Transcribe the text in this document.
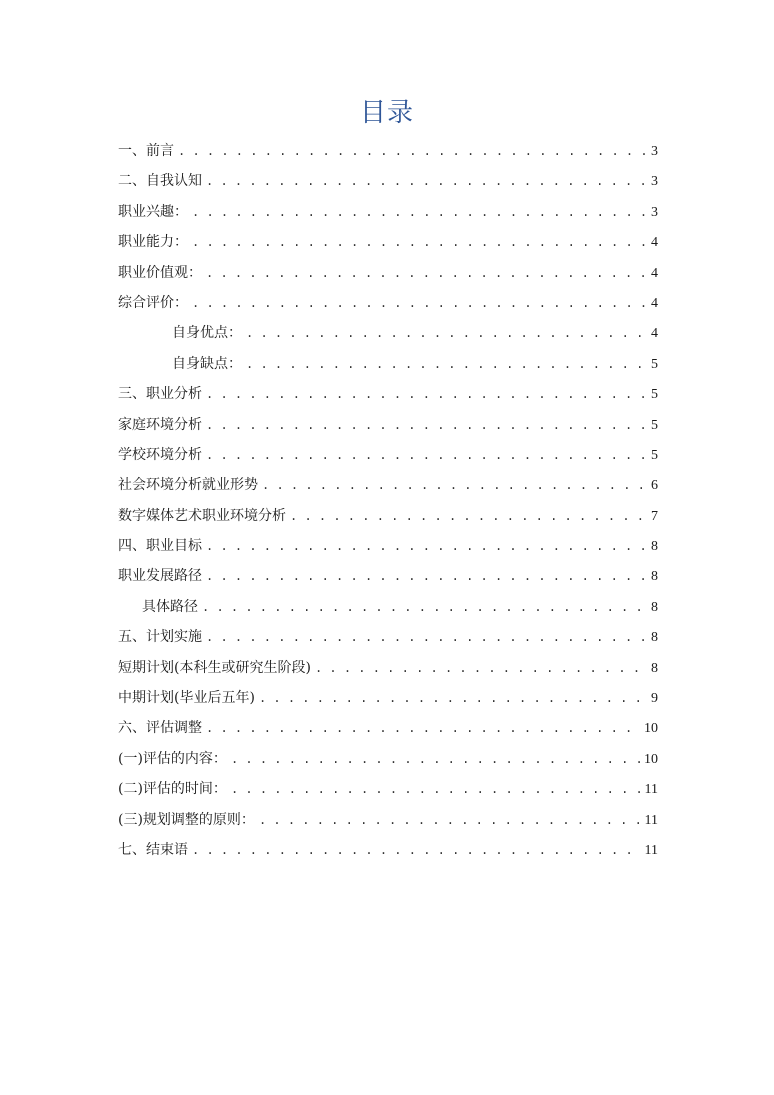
目录
一、前言 . . .	3
二、自我认知 . . .	3
职业兴趣： . . .	3
职业能力： . . .	4
职业价值观： . . .	4
综合评价： . . .	4
自身优点： . . .	4
自身缺点： . . .	5
三、职业分析 . . .	5
家庭环境分析 . . .	5
学校环境分析 . . .	5
社会环境分析就业形势 . . .	6
数字媒体艺术职业环境分析 . . .	7
四、职业目标 . . .	8
职业发展路径 . . .	8
具体路径 . . .	8
五、计划实施 . . .	8
短期计划(本科生或研究生阶段) . . .	8
中期计划(毕业后五年) . . .	9
六、评估调整 . . .	10
(一)评估的内容： . . .	10
(二)评估的时间： . . .	11
(三)规划调整的原则： . . .	11
七、结束语 . . .	11
